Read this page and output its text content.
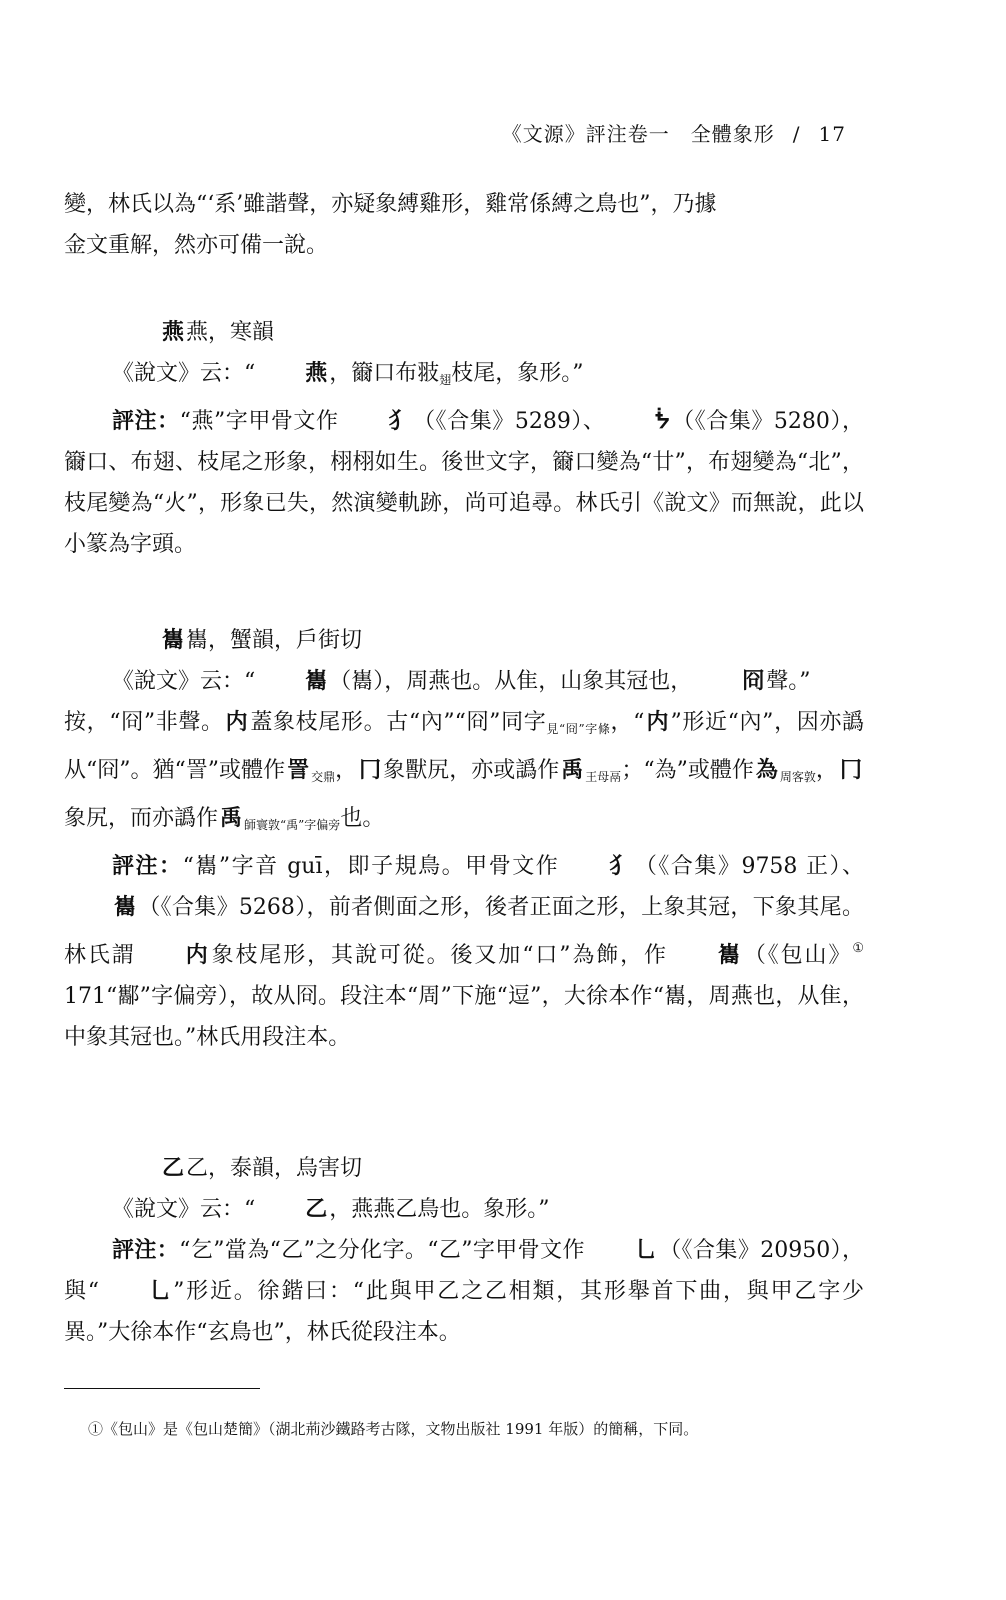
《文源》評注卷一　全體象形 / 17

變，林氏以為“‘系’雖諧聲，亦疑象縛雞形，雞常係縛之鳥也”，乃據

金文重解，然亦可備一說。

燕燕，寒韻

《說文》云：“ 燕，籋口布翄翅枝尾，象形。”

評注：“燕”字甲骨文作 ⺨（《合集》5289）、 ᖭ（《合集》5280），籋口、布翅、枝尾之形象，栩栩如生。後世文字，籋口變為“廿”，布翅變為“北”，枝尾變為“火”，形象已失，然演變軌跡，尚可追尋。林氏引《說文》而無說，此以小篆為字頭。

巂巂，蟹韻，戶街切

《說文》云：“ 巂（巂），周燕也。从隹，山象其冠也， 冏聲。”

按，“冏”非聲。内蓋象枝尾形。古“內”“冏”同字見“冏”字條，“内”形近“內”，因亦譌从“冏”。猶“詈”或體作詈 交鼎，冂象獸尻，亦或譌作禹 王母鬲；“為”或體作為 周客敦，冂象尻，而亦譌作禹 師寰敦“禹”字偏旁也。

評注：“巂”字音 guī，即子規鳥。甲骨文作 ⺨（《合集》9758 正）、巂（《合集》5268），前者側面之形，後者正面之形，上象其冠，下象其尾。林氏謂 内象枝尾形，其說可從。後又加“口”為飾，作 巂（《包山》① 171“酅”字偏旁），故从冏。段注本“周”下施“逗”，大徐本作“巂，周燕也，从隹，中象其冠也。”林氏用段注本。

乙乙，泰韻，烏害切

《說文》云：“ 乙，燕燕乙鳥也。象形。”

評注：“乞”當為“乙”之分化字。“乙”字甲骨文作 乚（《合集》20950），與“ 乚”形近。徐鍇曰：“此與甲乙之乙相類，其形舉首下曲，與甲乙字少異。”大徐本作“玄鳥也”，林氏從段注本。

①《包山》是《包山楚簡》（湖北荊沙鐵路考古隊，文物出版社 1991 年版）的簡稱，下同。
